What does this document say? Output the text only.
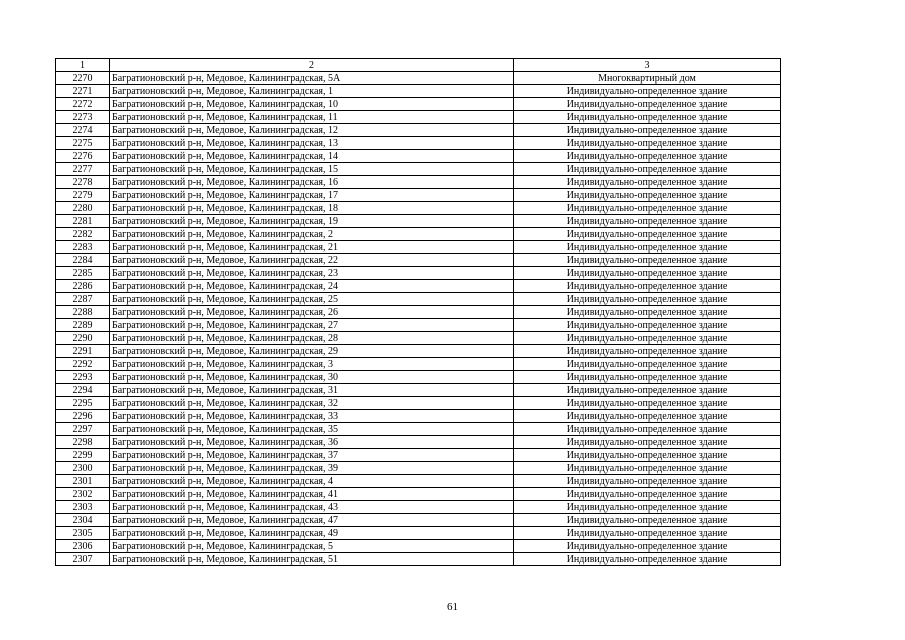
1	2	3
2270	Багратионовский р-н, Медовое, Калининградская, 5А	Многоквартирный дом
2271	Багратионовский р-н, Медовое, Калининградская, 1	Индивидуально-определенное здание
2272	Багратионовский р-н, Медовое, Калининградская, 10	Индивидуально-определенное здание
2273	Багратионовский р-н, Медовое, Калининградская, 11	Индивидуально-определенное здание
2274	Багратионовский р-н, Медовое, Калининградская, 12	Индивидуально-определенное здание
2275	Багратионовский р-н, Медовое, Калининградская, 13	Индивидуально-определенное здание
2276	Багратионовский р-н, Медовое, Калининградская, 14	Индивидуально-определенное здание
2277	Багратионовский р-н, Медовое, Калининградская, 15	Индивидуально-определенное здание
2278	Багратионовский р-н, Медовое, Калининградская, 16	Индивидуально-определенное здание
2279	Багратионовский р-н, Медовое, Калининградская, 17	Индивидуально-определенное здание
2280	Багратионовский р-н, Медовое, Калининградская, 18	Индивидуально-определенное здание
2281	Багратионовский р-н, Медовое, Калининградская, 19	Индивидуально-определенное здание
2282	Багратионовский р-н, Медовое, Калининградская, 2	Индивидуально-определенное здание
2283	Багратионовский р-н, Медовое, Калининградская, 21	Индивидуально-определенное здание
2284	Багратионовский р-н, Медовое, Калининградская, 22	Индивидуально-определенное здание
2285	Багратионовский р-н, Медовое, Калининградская, 23	Индивидуально-определенное здание
2286	Багратионовский р-н, Медовое, Калининградская, 24	Индивидуально-определенное здание
2287	Багратионовский р-н, Медовое, Калининградская, 25	Индивидуально-определенное здание
2288	Багратионовский р-н, Медовое, Калининградская, 26	Индивидуально-определенное здание
2289	Багратионовский р-н, Медовое, Калининградская, 27	Индивидуально-определенное здание
2290	Багратионовский р-н, Медовое, Калининградская, 28	Индивидуально-определенное здание
2291	Багратионовский р-н, Медовое, Калининградская, 29	Индивидуально-определенное здание
2292	Багратионовский р-н, Медовое, Калининградская, 3	Индивидуально-определенное здание
2293	Багратионовский р-н, Медовое, Калининградская, 30	Индивидуально-определенное здание
2294	Багратионовский р-н, Медовое, Калининградская, 31	Индивидуально-определенное здание
2295	Багратионовский р-н, Медовое, Калининградская, 32	Индивидуально-определенное здание
2296	Багратионовский р-н, Медовое, Калининградская, 33	Индивидуально-определенное здание
2297	Багратионовский р-н, Медовое, Калининградская, 35	Индивидуально-определенное здание
2298	Багратионовский р-н, Медовое, Калининградская, 36	Индивидуально-определенное здание
2299	Багратионовский р-н, Медовое, Калининградская, 37	Индивидуально-определенное здание
2300	Багратионовский р-н, Медовое, Калининградская, 39	Индивидуально-определенное здание
2301	Багратионовский р-н, Медовое, Калининградская, 4	Индивидуально-определенное здание
2302	Багратионовский р-н, Медовое, Калининградская, 41	Индивидуально-определенное здание
2303	Багратионовский р-н, Медовое, Калининградская, 43	Индивидуально-определенное здание
2304	Багратионовский р-н, Медовое, Калининградская, 47	Индивидуально-определенное здание
2305	Багратионовский р-н, Медовое, Калининградская, 49	Индивидуально-определенное здание
2306	Багратионовский р-н, Медовое, Калининградская, 5	Индивидуально-определенное здание
2307	Багратионовский р-н, Медовое, Калининградская, 51	Индивидуально-определенное здание
61
